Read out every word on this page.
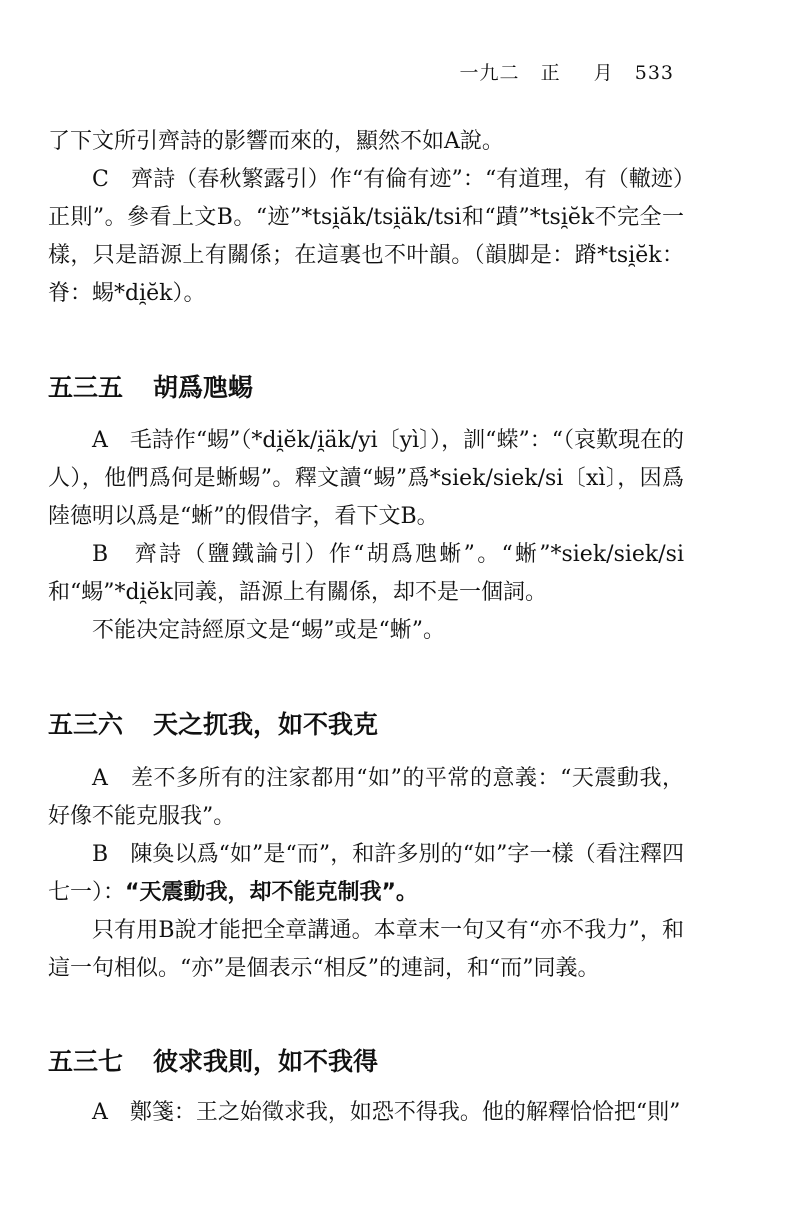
一九二 正 月 533

了下文所引齊詩的影響而來的，顯然不如A說。

C　齊詩（春秋繁露引）作“有倫有迹”：“有道理，有（轍迹）正則”。參看上文B。“迹”*tsi̯ăk/tsi̯äk/tsi和“蹟”*tsi̯ĕk不完全一樣，只是語源上有關係；在這裏也不叶韻。（韻脚是：蹐*tsi̯ĕk：脊：蜴*di̯ĕk）。

五三五 胡爲虺蜴

A　毛詩作“蜴”（*di̯ĕk/i̯äk/yi〔yì〕），訓“蝾”：“（哀歎現在的人），他們爲何是蜥蜴”。釋文讀“蜴”爲*siek/siek/si〔xì〕，因爲陸德明以爲是“蜥”的假借字，看下文B。

B　齊詩（鹽鐵論引）作“胡爲虺蜥”。“蜥”*siek/siek/si和“蜴”*di̯ĕk同義，語源上有關係，却不是一個詞。

不能决定詩經原文是“蜴”或是“蜥”。

五三六 天之扤我，如不我克

A　差不多所有的注家都用“如”的平常的意義：“天震動我，好像不能克服我”。

B　陳奐以爲“如”是“而”，和許多別的“如”字一樣（看注釋四七一）：“天震動我，却不能克制我”。

只有用B說才能把全章講通。本章末一句又有“亦不我力”，和這一句相似。“亦”是個表示“相反”的連詞，和“而”同義。

五三七 彼求我則，如不我得

A　鄭箋：王之始徵求我，如恐不得我。他的解釋恰恰把“則”
